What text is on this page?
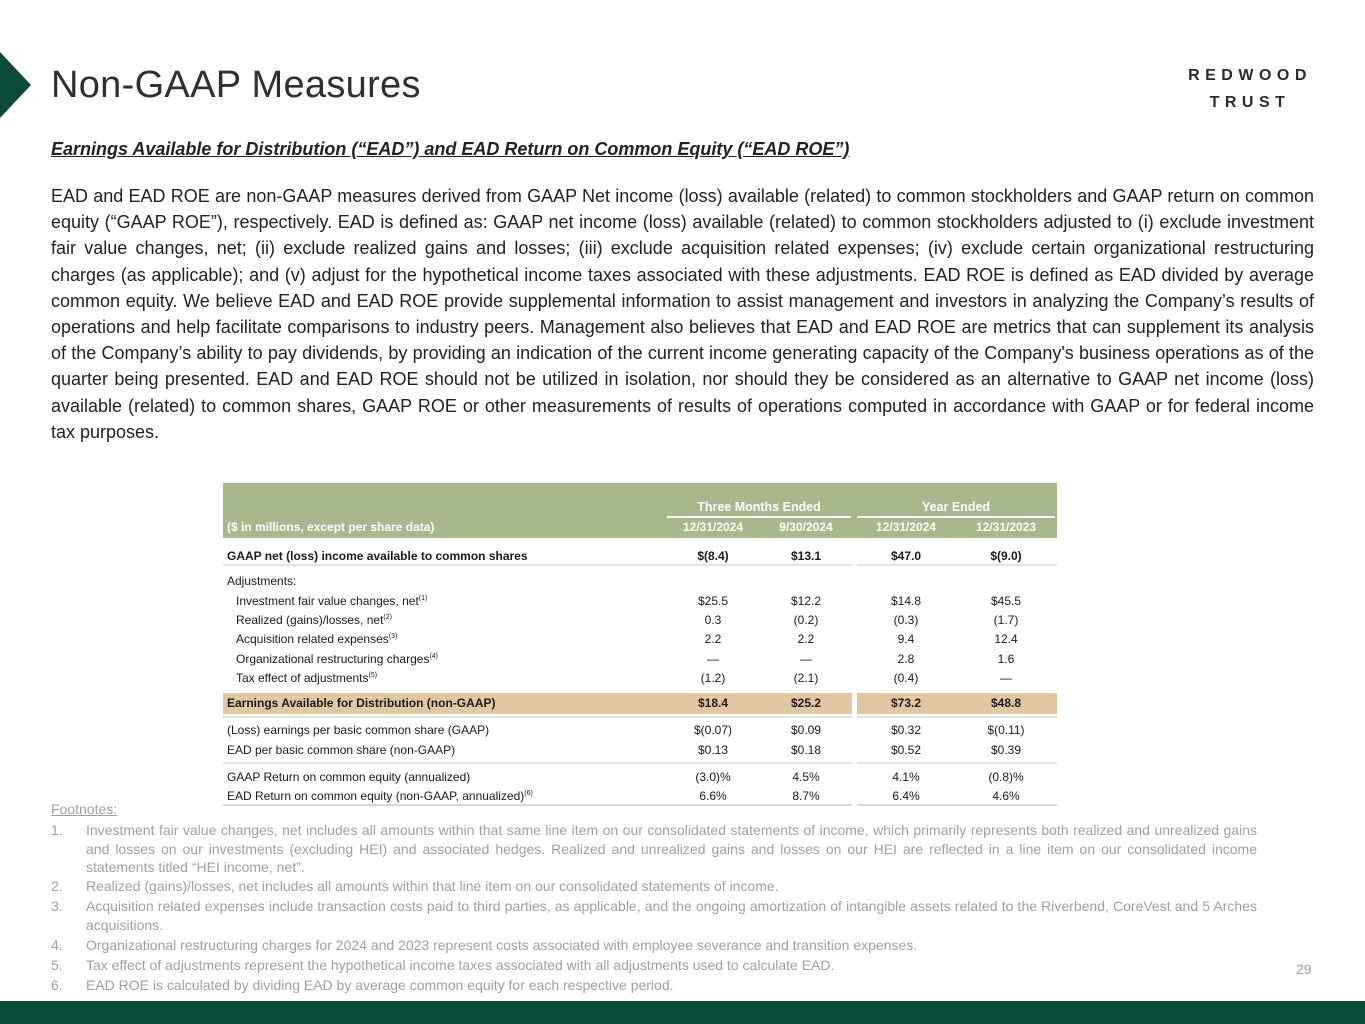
Non-GAAP Measures	REDWOOD
TRUST
Earnings Available for Distribution (“EAD”) and EAD Return on Common Equity (“EAD ROE”)
EAD and EAD ROE are non-GAAP measures derived from GAAP Net income (loss) available (related) to common stockholders and GAAP return on common equity (“GAAP ROE”), respectively. EAD is defined as: GAAP net income (loss) available (related) to common stockholders adjusted to (i) exclude investment fair value changes, net; (ii) exclude realized gains and losses; (iii) exclude acquisition related expenses; (iv) exclude certain organizational restructuring charges (as applicable); and (v) adjust for the hypothetical income taxes associated with these adjustments. EAD ROE is defined as EAD divided by average common equity. We believe EAD and EAD ROE provide supplemental information to assist management and investors in analyzing the Company’s results of operations and help facilitate comparisons to industry peers. Management also believes that EAD and EAD ROE are metrics that can supplement its analysis of the Company’s ability to pay dividends, by providing an indication of the current income generating capacity of the Company's business operations as of the quarter being presented. EAD and EAD ROE should not be utilized in isolation, nor should they be considered as an alternative to GAAP net income (loss) available (related) to common shares, GAAP ROE or other measurements of results of operations computed in accordance with GAAP or for federal income tax purposes.
Three Months Ended	Year Ended
($ in millions, except per share data)	12/31/2024	9/30/2024	12/31/2024	12/31/2023
GAAP net (loss) income available to common shares	$(8.4)	$13.1	$47.0	$(9.0)
Adjustments:
Investment fair value changes, net$^{(1)}$	$25.5	$12.2	$14.8	$45.5
Realized (gains)/losses, net$^{(2)}$	0.3	(0.2)	(0.3)	(1.7)
Acquisition related expenses$^{(3)}$	2.2	2.2	9.4	12.4
Organizational restructuring charges$^{(4)}$	—	—	2.8	1.6
Tax effect of adjustments$^{(5)}$	(1.2)	(2.1)	(0.4)	—
Earnings Available for Distribution (non-GAAP)	$18.4	$25.2	$73.2	$48.8
(Loss) earnings per basic common share (GAAP)	$(0.07)	$0.09	$0.32	$(0.11)
EAD per basic common share (non-GAAP)	$0.13	$0.18	$0.52	$0.39
GAAP Return on common equity (annualized)	(3.0)%	4.5%	4.1%	(0.8)%
EAD Return on common equity (non-GAAP, annualized)$^{(6)}$	6.6%	8.7%	6.4%	4.6%
Footnotes:
1. Investment fair value changes, net includes all amounts within that same line item on our consolidated statements of income, which primarily represents both realized and unrealized gains and losses on our investments (excluding HEI) and associated hedges. Realized and unrealized gains and losses on our HEI are reflected in a line item on our consolidated income statements titled “HEI income, net”.
2. Realized (gains)/losses, net includes all amounts within that line item on our consolidated statements of income.
3. Acquisition related expenses include transaction costs paid to third parties, as applicable, and the ongoing amortization of intangible assets related to the Riverbend, CoreVest and 5 Arches acquisitions.
4. Organizational restructuring charges for 2024 and 2023 represent costs associated with employee severance and transition expenses.
5. Tax effect of adjustments represent the hypothetical income taxes associated with all adjustments used to calculate EAD.
6. EAD ROE is calculated by dividing EAD by average common equity for each respective period.
29
